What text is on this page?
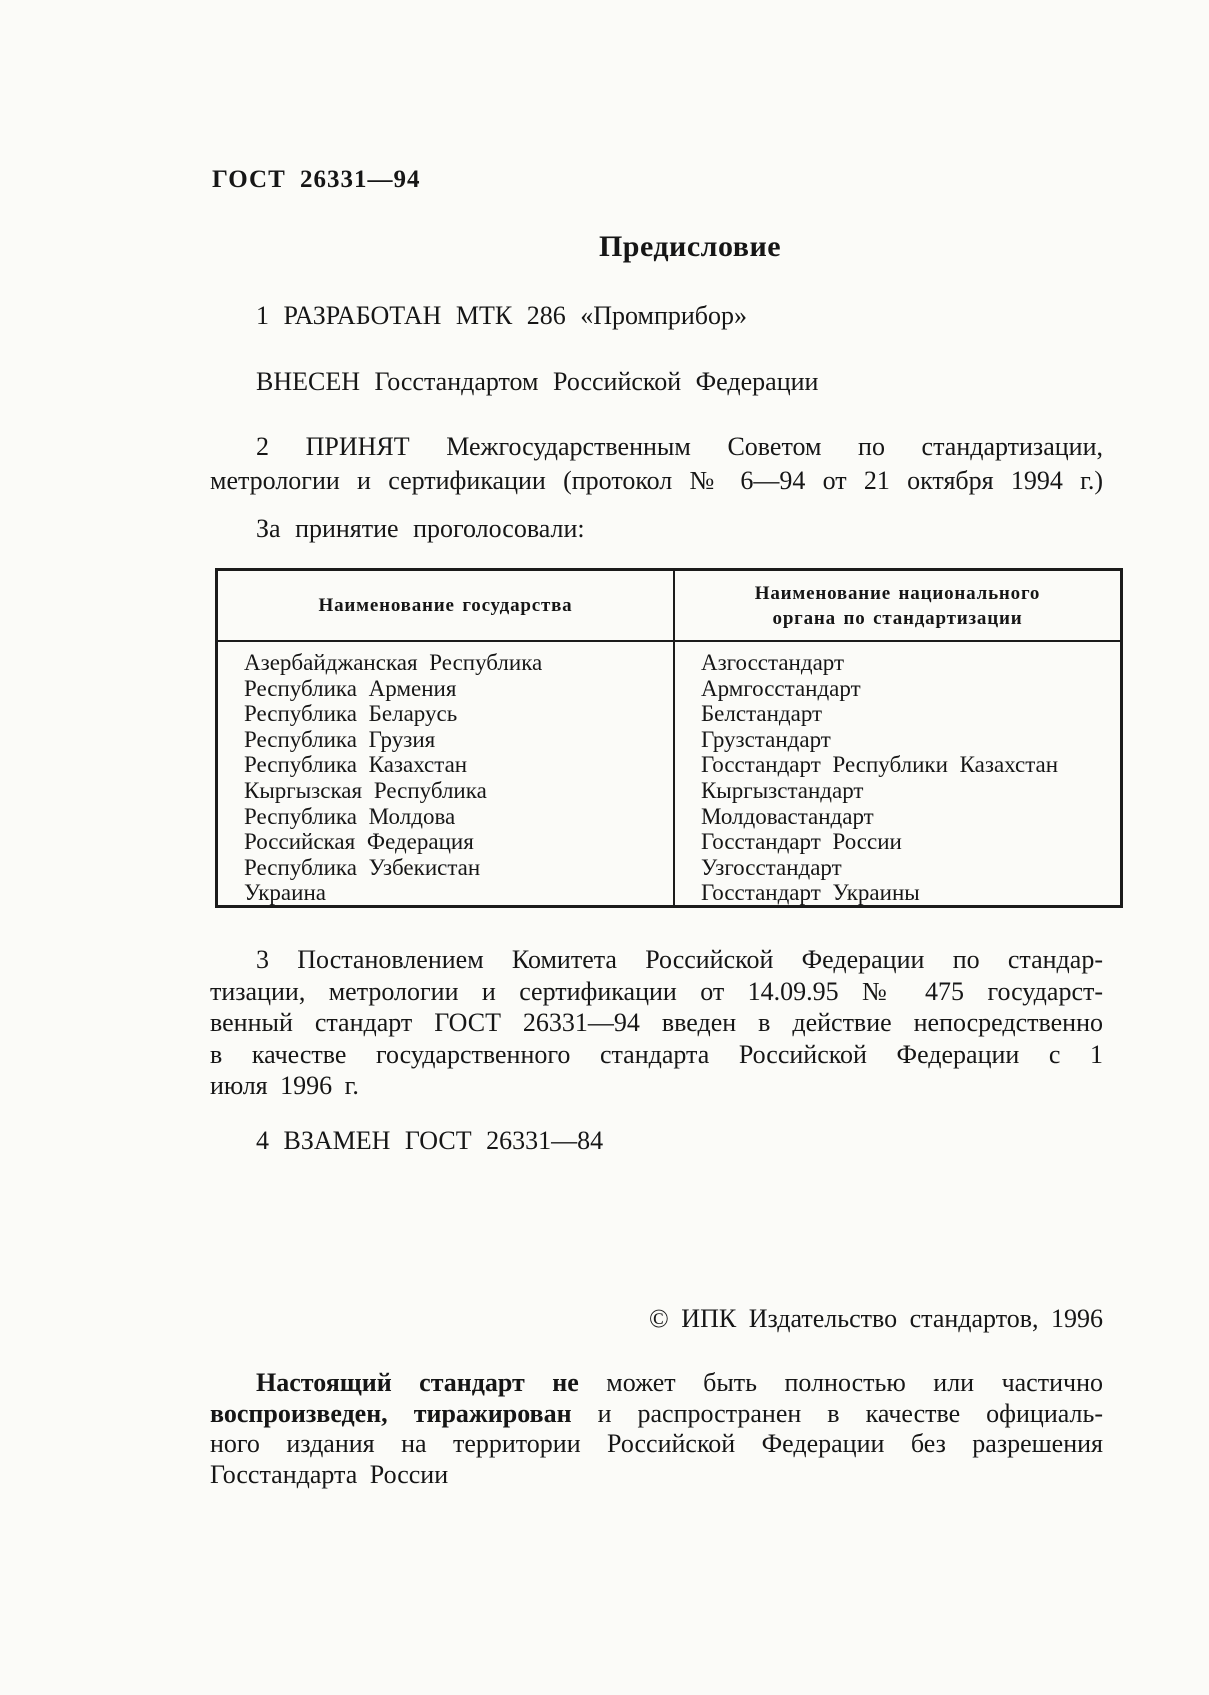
ГОСТ 26331—94
Предисловие
1 РАЗРАБОТАН МТК 286 «Промприбор»
ВНЕСЕН Госстандартом Российской Федерации
2 ПРИНЯТ Межгосударственным Советом по стандартизации,
метрологии и сертификации (протокол № 6—94 от 21 октября 1994 г.)
За принятие проголосовали:
Наименование государства
Наименование национального органа по стандартизации
Азербайджанская Республика
Республика Армения
Республика Беларусь
Республика Грузия
Республика Казахстан
Кыргызская Республика
Республика Молдова
Российская Федерация
Республика Узбекистан
Украина
Азгосстандарт
Армгосстандарт
Белстандарт
Грузстандарт
Госстандарт Республики Казахстан
Кыргызстандарт
Молдовастандарт
Госстандарт России
Узгосстандарт
Госстандарт Украины
3 Постановлением Комитета Российской Федерации по стандар-
тизации, метрологии и сертификации от 14.09.95 № 475 государст-
венный стандарт ГОСТ 26331—94 введен в действие непосредственно
в качестве государственного стандарта Российской Федерации с 1
июля 1996 г.
4 ВЗАМЕН ГОСТ 26331—84
© ИПК Издательство стандартов, 1996
Настоящий стандарт не может быть полностью или частично
воспроизведен, тиражирован и распространен в качестве официаль-
ного издания на территории Российской Федерации без разрешения
Госстандарта России
